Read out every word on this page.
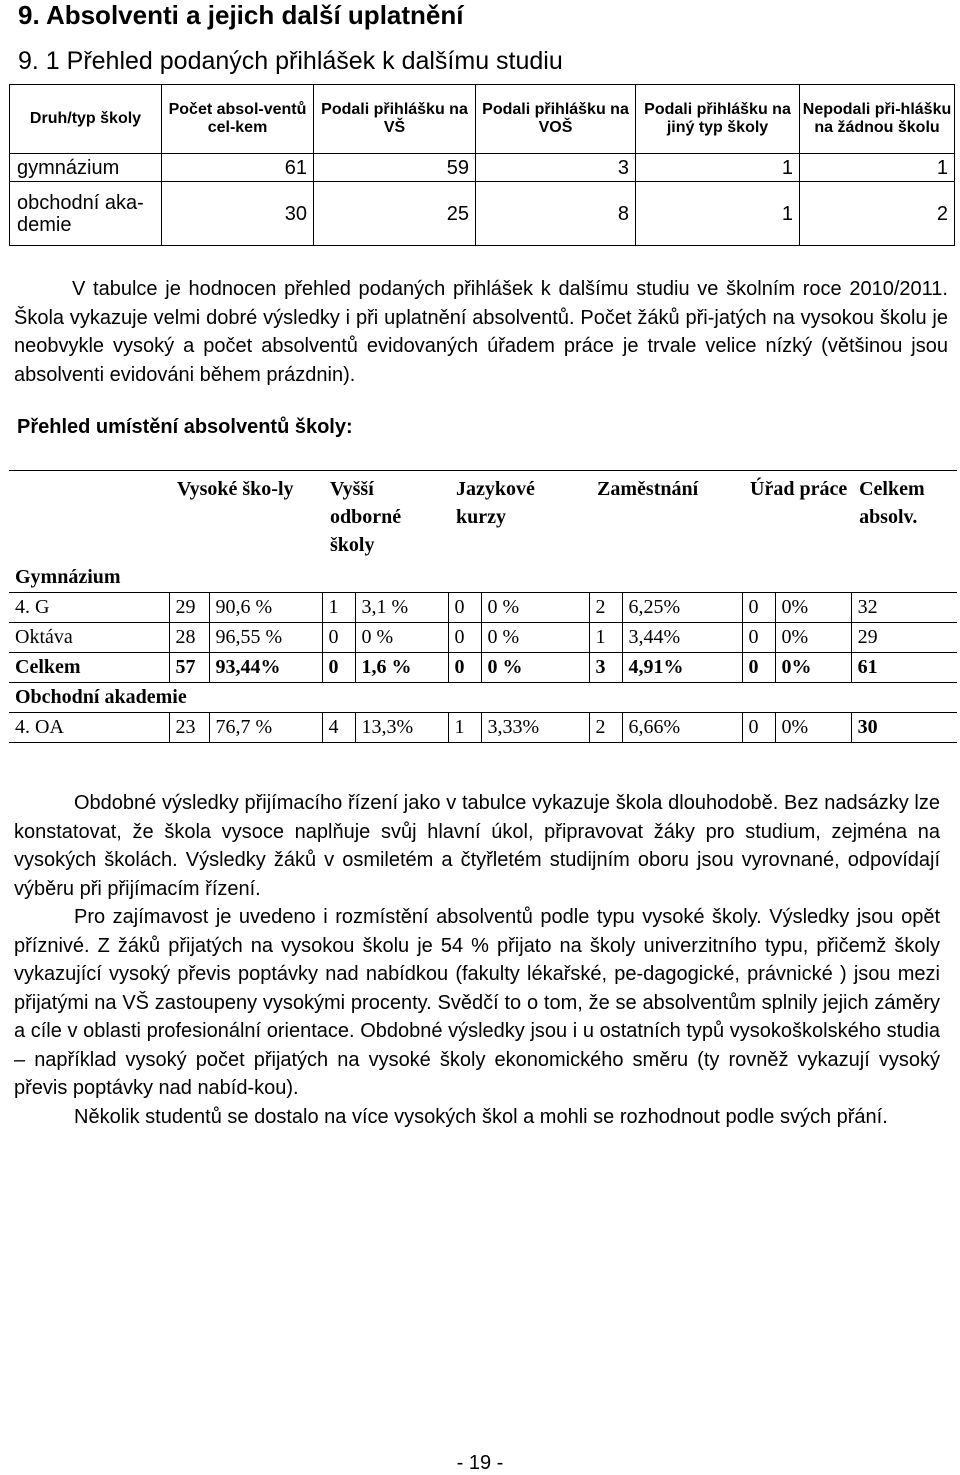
9. Absolventi a jejich další uplatnění
9. 1 Přehled podaných přihlášek k dalšímu studiu
Druh/typ školy	Počet absol-ventů cel-kem	Podali přihlášku na VŠ	Podali přihlášku na VOŠ	Podali přihlášku na jiný typ školy	Nepodali při-hlášku na žádnou školu
gymnázium	61	59	3	1	1
obchodní aka-demie	30	25	8	1	2
V tabulce je hodnocen přehled podaných přihlášek k dalšímu studiu ve školním roce 2010/2011. Škola vykazuje velmi dobré výsledky i při uplatnění absolventů. Počet žáků při-jatých na vysokou školu je neobvykle vysoký a počet absolventů evidovaných úřadem práce je trvale velice nízký (většinou jsou absolventi evidováni během prázdnin).
Přehled umístění absolventů školy:
	Vysoké ško-ly		Vyšší odborné školy		Jazykové kurzy		Zaměstnání		Úřad práce		Celkem absolv.
Gymnázium											
4. G	29	90,6 %	1	3,1 %	0	0 %	2	6,25%	0	0%	32
Oktáva	28	96,55 %	0	0 %	0	0 %	1	3,44%	0	0%	29
Celkem	57	93,44%	0	1,6 %	0	0 %	3	4,91%	0	0%	61
Obchodní akademie											
4. OA	23	76,7 %	4	13,3%	1	3,33%	2	6,66%	0	0%	30

Obdobné výsledky přijímacího řízení jako v tabulce vykazuje škola dlouhodobě. Bez nadsázky lze konstatovat, že škola vysoce naplňuje svůj hlavní úkol, připravovat žáky pro studium, zejména na vysokých školách. Výsledky žáků v osmiletém a čtyřletém studijním oboru jsou vyrovnané, odpovídají výběru při přijímacím řízení.

Pro zajímavost je uvedeno i rozmístění absolventů podle typu vysoké školy. Výsledky jsou opět příznivé. Z žáků přijatých na vysokou školu je 54 % přijato na školy univerzitního typu, přičemž školy vykazující vysoký převis poptávky nad nabídkou (fakulty lékařské, pe-dagogické, právnické ) jsou mezi přijatými na VŠ zastoupeny vysokými procenty. Svědčí to o tom, že se absolventům splnily jejich záměry a cíle v oblasti profesionální orientace. Obdobné výsledky jsou i u ostatních typů vysokoškolského studia – například vysoký počet přijatých na vysoké školy ekonomického směru (ty rovněž vykazují vysoký převis poptávky nad nabíd-kou).

Několik studentů se dostalo na více vysokých škol a mohli se rozhodnout podle svých přání.

- 19 -
